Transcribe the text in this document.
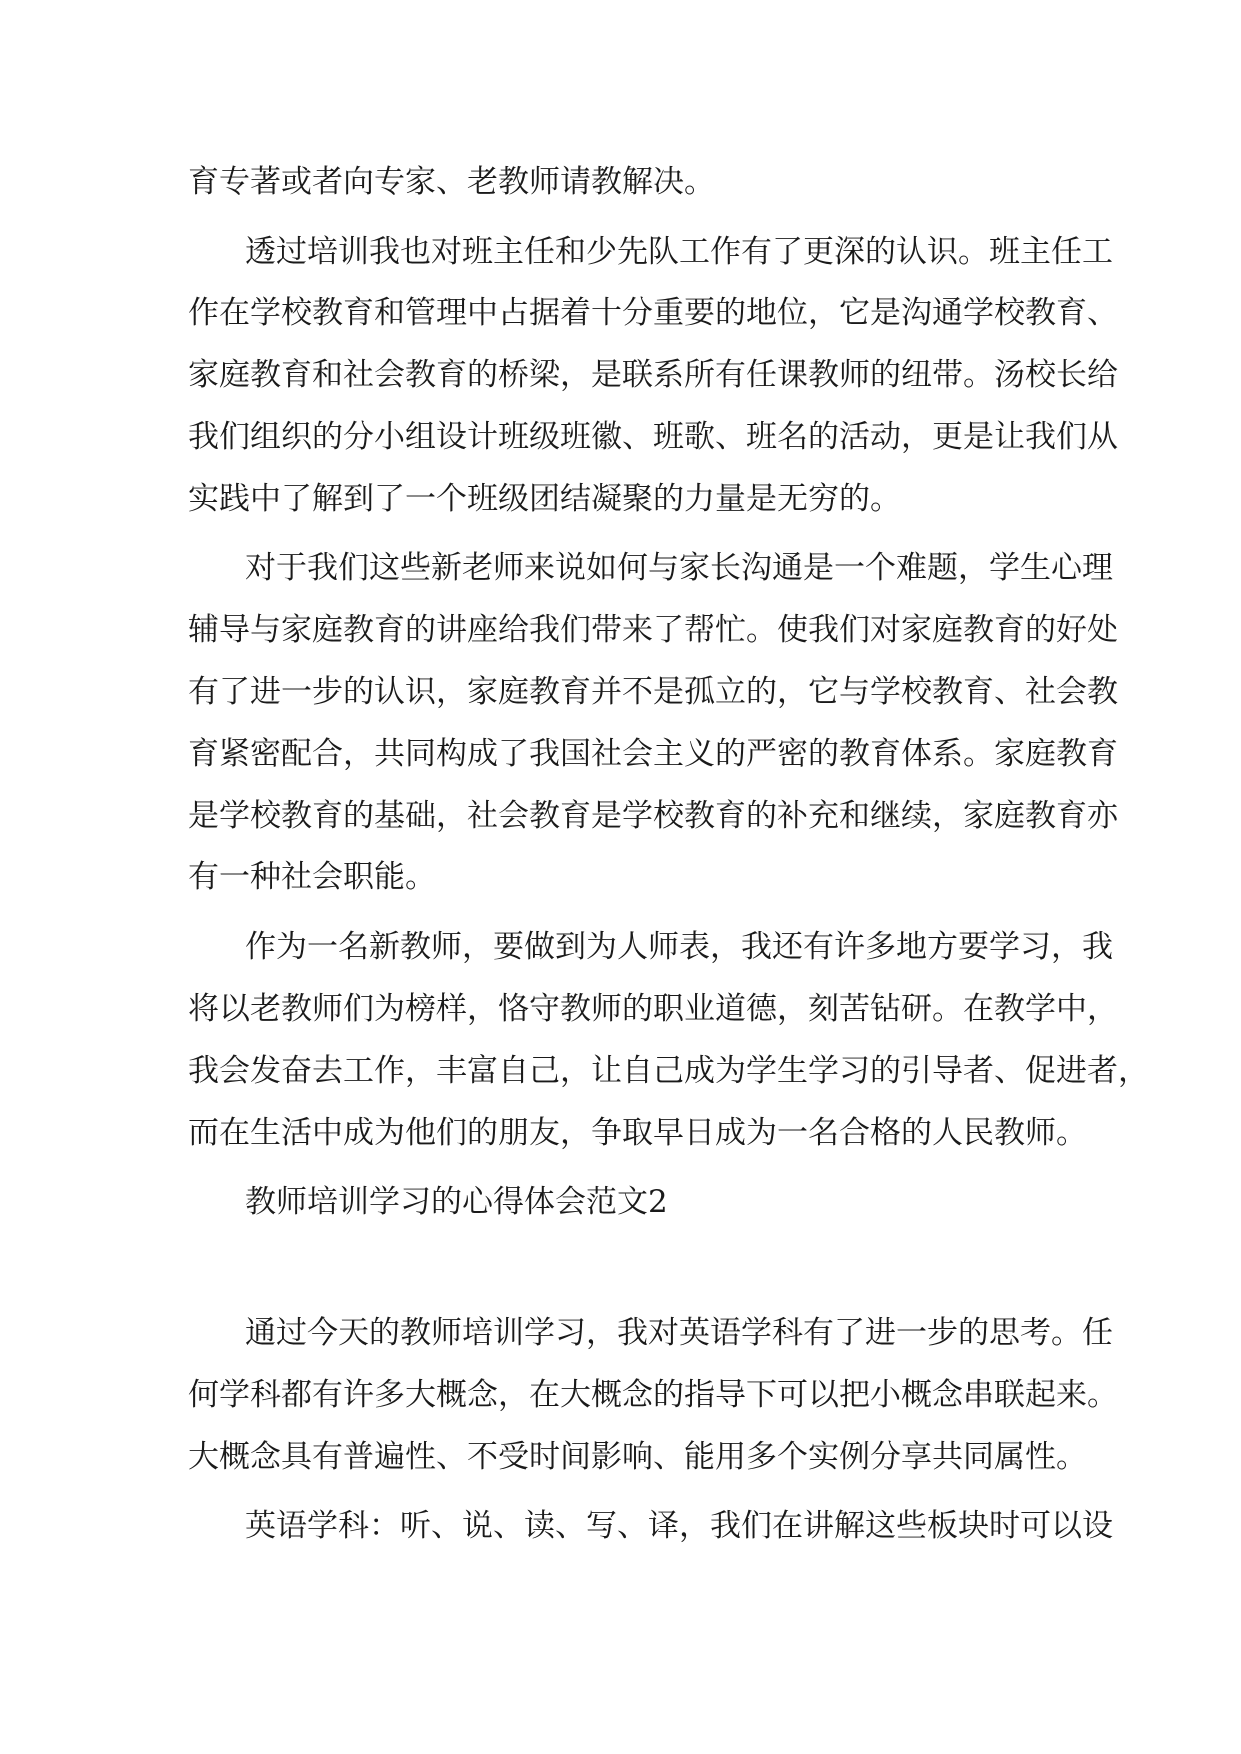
育专著或者向专家、老教师请教解决。

透过培训我也对班主任和少先队工作有了更深的认识。班主任工

作在学校教育和管理中占据着十分重要的地位，它是沟通学校教育、

家庭教育和社会教育的桥梁，是联系所有任课教师的纽带。汤校长给

我们组织的分小组设计班级班徽、班歌、班名的活动，更是让我们从

实践中了解到了一个班级团结凝聚的力量是无穷的。

对于我们这些新老师来说如何与家长沟通是一个难题，学生心理

辅导与家庭教育的讲座给我们带来了帮忙。使我们对家庭教育的好处

有了进一步的认识，家庭教育并不是孤立的，它与学校教育、社会教

育紧密配合，共同构成了我国社会主义的严密的教育体系。家庭教育

是学校教育的基础，社会教育是学校教育的补充和继续，家庭教育亦

有一种社会职能。

作为一名新教师，要做到为人师表，我还有许多地方要学习，我

将以老教师们为榜样，恪守教师的职业道德，刻苦钻研。在教学中，

我会发奋去工作，丰富自己，让自己成为学生学习的引导者、促进者，

而在生活中成为他们的朋友，争取早日成为一名合格的人民教师。

教师培训学习的心得体会范文2

通过今天的教师培训学习，我对英语学科有了进一步的思考。任

何学科都有许多大概念，在大概念的指导下可以把小概念串联起来。

大概念具有普遍性、不受时间影响、能用多个实例分享共同属性。

英语学科：听、说、读、写、译，我们在讲解这些板块时可以设
